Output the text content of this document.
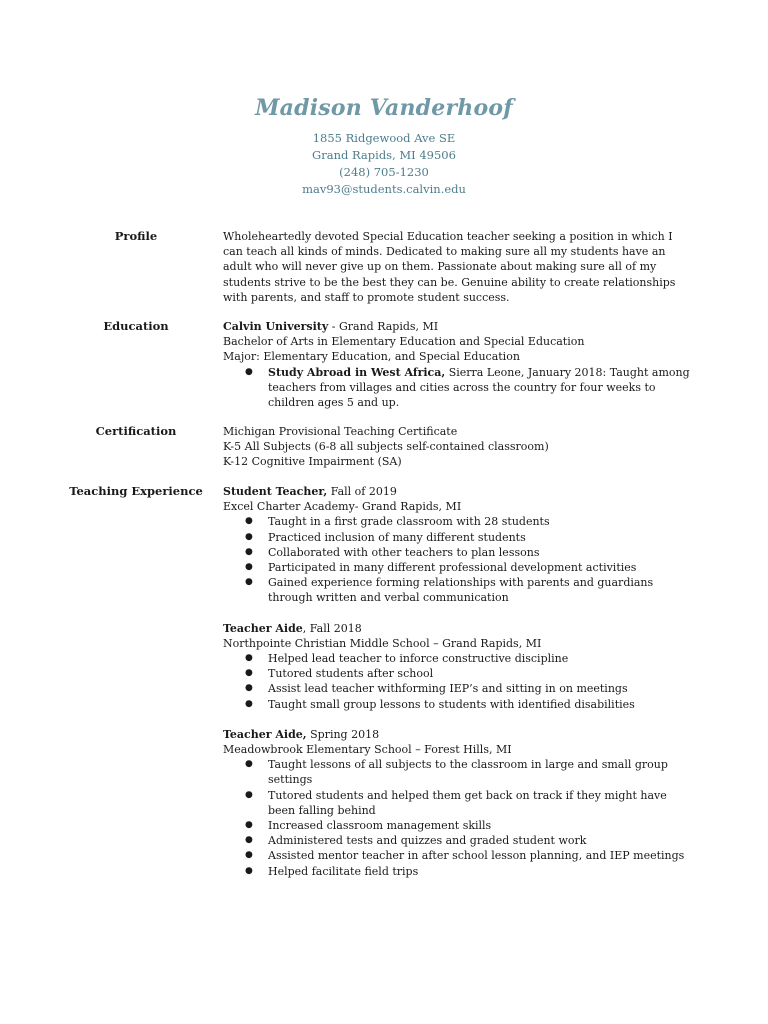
Madison Vanderhoof
1855 Ridgewood Ave SE
Grand Rapids, MI 49506
(248) 705-1230
mav93@students.calvin.edu
Profile	Wholeheartedly devoted Special Education teacher seeking a position in which I can teach all kinds of minds. Dedicated to making sure all my students have an adult who will never give up on them. Passionate about making sure all of my students strive to be the best they can be. Genuine ability to create relationships with parents, and staff to promote student success.

Education	Calvin University - Grand Rapids, MI

Bachelor of Arts in Elementary Education and Special Education

Major: Elementary Education, and Special Education

● Study Abroad in West Africa, Sierra Leone, January 2018: Taught among teachers from villages and cities across the country for four weeks to children ages 5 and up.
Certification	Michigan Provisional Teaching Certificate

K-5 All Subjects (6-8 all subjects self-contained classroom)

K-12 Cognitive Impairment (SA)

Teaching Experience	Student Teacher, Fall of 2019

Excel Charter Academy- Grand Rapids, MI

● Taught in a first grade classroom with 28 students
● Practiced inclusion of many different students
● Collaborated with other teachers to plan lessons
● Participated in many different professional development activities
● Gained experience forming relationships with parents and guardians through written and verbal communication

Teacher Aide, Fall 2018

Northpointe Christian Middle School – Grand Rapids, MI

● Helped lead teacher to inforce constructive discipline
● Tutored students after school
● Assist lead teacher withforming IEP’s and sitting in on meetings
● Taught small group lessons to students with identified disabilities

Teacher Aide, Spring 2018

Meadowbrook Elementary School – Forest Hills, MI

● Taught lessons of all subjects to the classroom in large and small group settings
● Tutored students and helped them get back on track if they might have been falling behind
● Increased classroom management skills
● Administered tests and quizzes and graded student work
● Assisted mentor teacher in after school lesson planning, and IEP meetings
● Helped facilitate field trips
